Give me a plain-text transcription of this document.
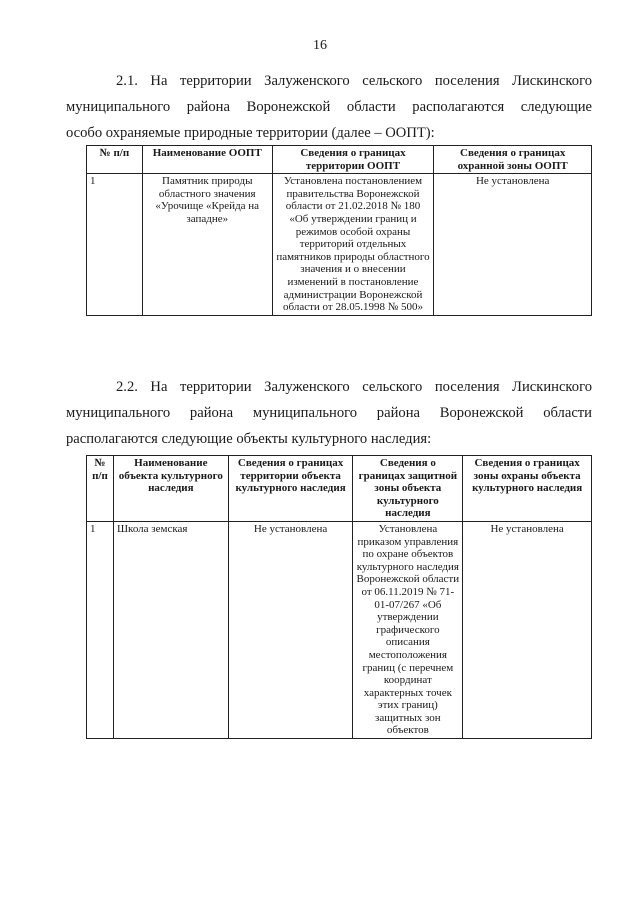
16
2.1. На территории Залуженского сельского поселения Лискинского
муниципального района Воронежской области располагаются следующие
особо охраняемые природные территории (далее – ООПТ):
№ п/п	Наименование ООПТ	Сведения о границах территории ООПТ	Сведения о границах охранной зоны ООПТ
1	Памятник природы областного значения «Урочище «Крейда на западне»	Установлена постановлением правительства Воронежской области от 21.02.2018 № 180 «Об утверждении границ и режимов особой охраны территорий отдельных памятников природы областного значения и о внесении изменений в постановление администрации Воронежской области от 28.05.1998 № 500»	Не установлена
2.2. На территории Залуженского сельского поселения Лискинского
муниципального района муниципального района Воронежской области
располагаются следующие объекты культурного наследия:
№ п/п	Наименование объекта культурного наследия	Сведения о границах территории объекта культурного наследия	Сведения о границах защитной зоны объекта культурного наследия	Сведения о границах зоны охраны объекта культурного наследия
1	Школа земская	Не установлена	Установлена приказом управления по охране объектов культурного наследия Воронежской области от 06.11.2019 № 71-01-07/267 «Об утверждении графического описания местоположения границ (с перечнем координат характерных точек этих границ) защитных зон объектов	Не установлена
